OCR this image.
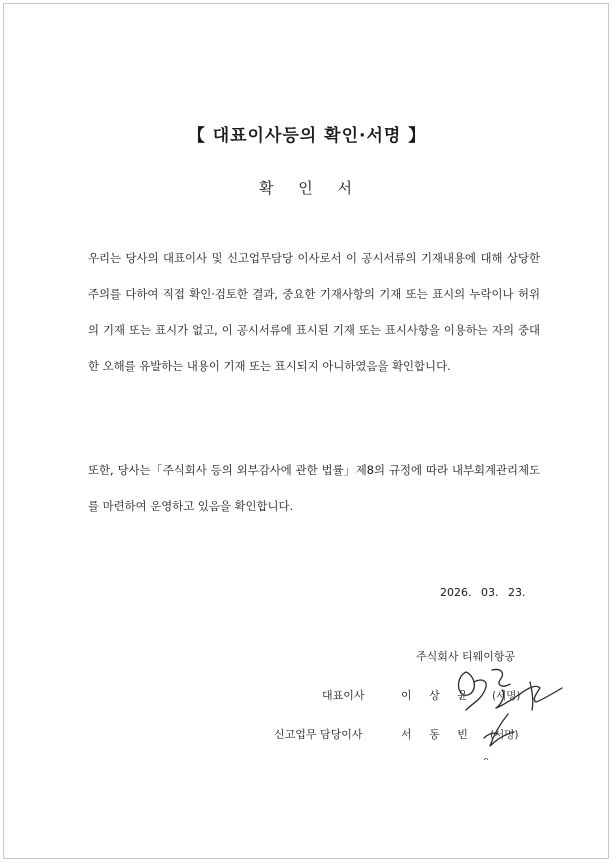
【 대표이사등의 확인·서명 】
확 인 서

우리는 당사의 대표이사 및 신고업무담당 이사로서 이 공시서류의 기재내용에 대해 상당한 주의를 다하여 직접 확인·검토한 결과, 중요한 기재사항의 기재 또는 표시의 누락이나 허위의 기재 또는 표시가 없고, 이 공시서류에 표시된 기재 또는 표시사항을 이용하는 자의 중대한 오해를 유발하는 내용이 기재 또는 표시되지 아니하였음을 확인합니다.

또한, 당사는「주식회사 등의 외부감사에 관한 법률」제8의 규정에 따라 내부회계관리제도를 마련하여 운영하고 있음을 확인합니다.

2026. 03. 23.
주식회사 티웨이항공
대표이사	이 상 윤 (서명)
신고업무 담당이사	서 동 빈 (서명)
